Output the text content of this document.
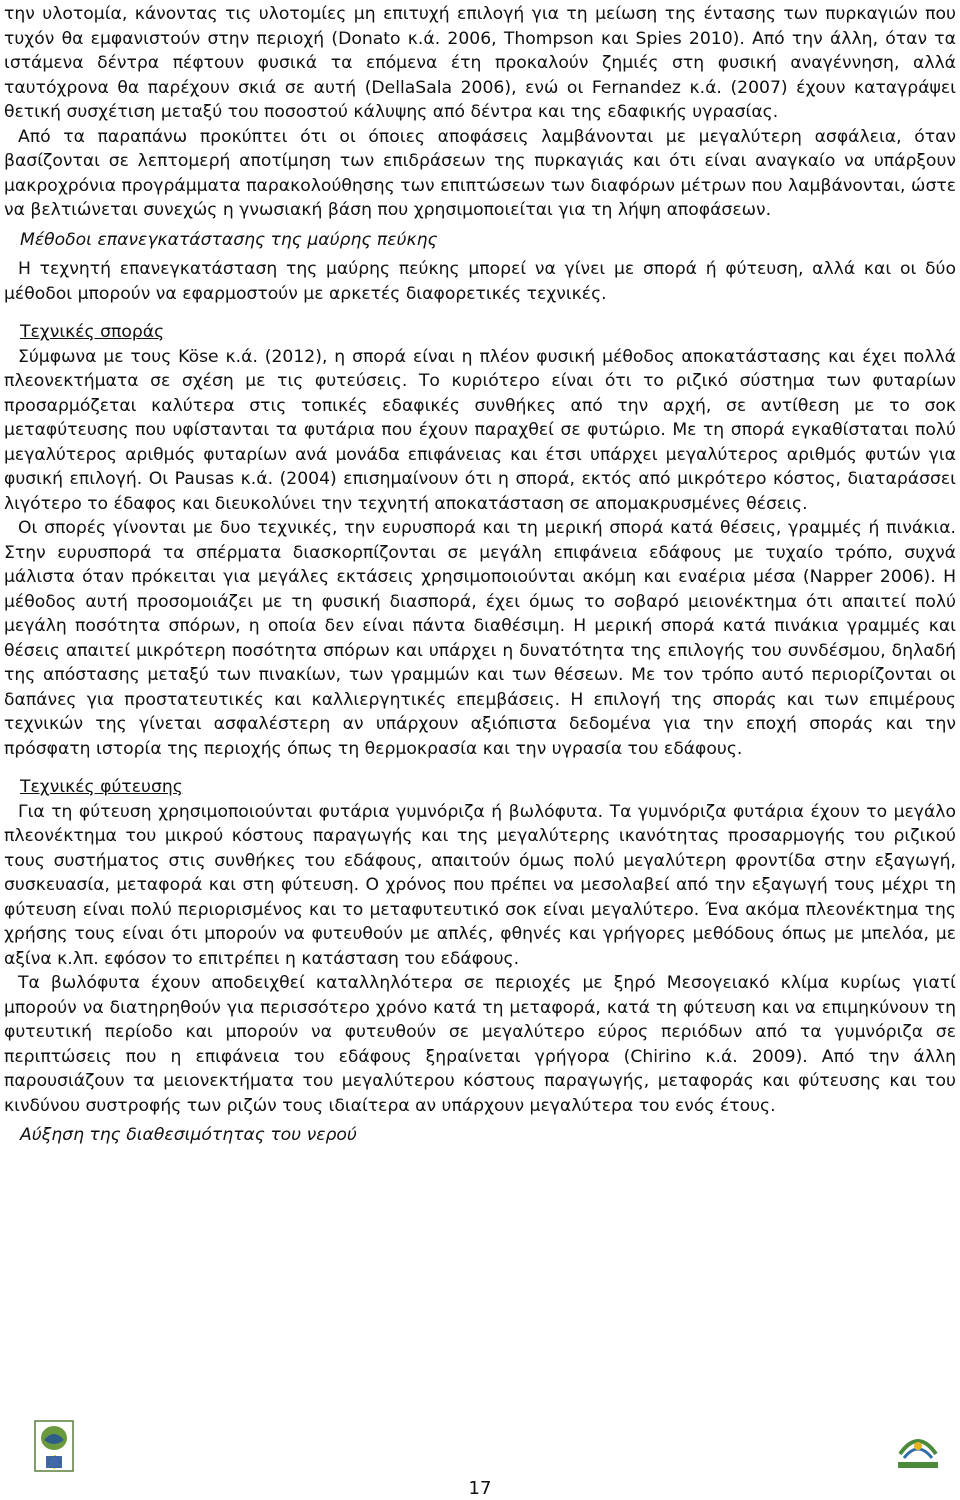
την υλοτομία, κάνοντας τις υλοτομίες μη επιτυχή επιλογή για τη μείωση της έντασης των πυρκαγιών που τυχόν θα εμφανιστούν στην περιοχή (Donato κ.ά. 2006, Thompson και Spies 2010). Από την άλλη, όταν τα ιστάμενα δέντρα πέφτουν φυσικά τα επόμενα έτη προκαλούν ζημιές στη φυσική αναγέννηση, αλλά ταυτόχρονα θα παρέχουν σκιά σε αυτή (DellaSala 2006), ενώ οι Fernandez κ.ά. (2007) έχουν καταγράψει θετική συσχέτιση μεταξύ του ποσοστού κάλυψης από δέντρα και της εδαφικής υγρασίας.

Από τα παραπάνω προκύπτει ότι οι όποιες αποφάσεις λαμβάνονται με μεγαλύτερη ασφάλεια, όταν βασίζονται σε λεπτομερή αποτίμηση των επιδράσεων της πυρκαγιάς και ότι είναι αναγκαίο να υπάρξουν μακροχρόνια προγράμματα παρακολούθησης των επιπτώσεων των διαφόρων μέτρων που λαμβάνονται, ώστε να βελτιώνεται συνεχώς η γνωσιακή βάση που χρησιμοποιείται για τη λήψη αποφάσεων.

Μέθοδοι επανεγκατάστασης της μαύρης πεύκης

Η τεχνητή επανεγκατάσταση της μαύρης πεύκης μπορεί να γίνει με σπορά ή φύτευση, αλλά και οι δύο μέθοδοι μπορούν να εφαρμοστούν με αρκετές διαφορετικές τεχνικές.

Τεχνικές σποράς

Σύμφωνα με τους Köse κ.ά. (2012), η σπορά είναι η πλέον φυσική μέθοδος αποκατάστασης και έχει πολλά πλεονεκτήματα σε σχέση με τις φυτεύσεις. Το κυριότερο είναι ότι το ριζικό σύστημα των φυταρίων προσαρμόζεται καλύτερα στις τοπικές εδαφικές συνθήκες από την αρχή, σε αντίθεση με το σοκ μεταφύτευσης που υφίστανται τα φυτάρια που έχουν παραχθεί σε φυτώριο. Με τη σπορά εγκαθίσταται πολύ μεγαλύτερος αριθμός φυταρίων ανά μονάδα επιφάνειας και έτσι υπάρχει μεγαλύτερος αριθμός φυτών για φυσική επιλογή. Οι Pausas κ.ά. (2004) επισημαίνουν ότι η σπορά, εκτός από μικρότερο κόστος, διαταράσσει λιγότερο το έδαφος και διευκολύνει την τεχνητή αποκατάσταση σε απομακρυσμένες θέσεις.

Οι σπορές γίνονται με δυο τεχνικές, την ευρυσπορά και τη μερική σπορά κατά θέσεις, γραμμές ή πινάκια. Στην ευρυσπορά τα σπέρματα διασκορπίζονται σε μεγάλη επιφάνεια εδάφους με τυχαίο τρόπο, συχνά μάλιστα όταν πρόκειται για μεγάλες εκτάσεις χρησιμοποιούνται ακόμη και εναέρια μέσα (Napper 2006). Η μέθοδος αυτή προσομοιάζει με τη φυσική διασπορά, έχει όμως το σοβαρό μειονέκτημα ότι απαιτεί πολύ μεγάλη ποσότητα σπόρων, η οποία δεν είναι πάντα διαθέσιμη. Η μερική σπορά κατά πινάκια γραμμές και θέσεις απαιτεί μικρότερη ποσότητα σπόρων και υπάρχει η δυνατότητα της επιλογής του συνδέσμου, δηλαδή της απόστασης μεταξύ των πινακίων, των γραμμών και των θέσεων. Με τον τρόπο αυτό περιορίζονται οι δαπάνες για προστατευτικές και καλλιεργητικές επεμβάσεις. Η επιλογή της σποράς και των επιμέρους τεχνικών της γίνεται ασφαλέστερη αν υπάρχουν αξιόπιστα δεδομένα για την εποχή σποράς και την πρόσφατη ιστορία της περιοχής όπως τη θερμοκρασία και την υγρασία του εδάφους.

Τεχνικές φύτευσης

Για τη φύτευση χρησιμοποιούνται φυτάρια γυμνόριζα ή βωλόφυτα. Τα γυμνόριζα φυτάρια έχουν το μεγάλο πλεονέκτημα του μικρού κόστους παραγωγής και της μεγαλύτερης ικανότητας προσαρμογής του ριζικού τους συστήματος στις συνθήκες του εδάφους, απαιτούν όμως πολύ μεγαλύτερη φροντίδα στην εξαγωγή, συσκευασία, μεταφορά και στη φύτευση. Ο χρόνος που πρέπει να μεσολαβεί από την εξαγωγή τους μέχρι τη φύτευση είναι πολύ περιορισμένος και το μεταφυτευτικό σοκ είναι μεγαλύτερο. Ένα ακόμα πλεονέκτημα της χρήσης τους είναι ότι μπορούν να φυτευθούν με απλές, φθηνές και γρήγορες μεθόδους όπως με μπελόα, με αξίνα κ.λπ. εφόσον το επιτρέπει η κατάσταση του εδάφους.

Τα βωλόφυτα έχουν αποδειχθεί καταλληλότερα σε περιοχές με ξηρό Μεσογειακό κλίμα κυρίως γιατί μπορούν να διατηρηθούν για περισσότερο χρόνο κατά τη μεταφορά, κατά τη φύτευση και να επιμηκύνουν τη φυτευτική περίοδο και μπορούν να φυτευθούν σε μεγαλύτερο εύρος περιόδων από τα γυμνόριζα σε περιπτώσεις που η επιφάνεια του εδάφους ξηραίνεται γρήγορα (Chirino κ.ά. 2009). Από την άλλη παρουσιάζουν τα μειονεκτήματα του μεγαλύτερου κόστους παραγωγής, μεταφοράς και φύτευσης και του κινδύνου συστροφής των ριζών τους ιδιαίτερα αν υπάρχουν μεγαλύτερα του ενός έτους.

Αύξηση της διαθεσιμότητας του νερού

17
